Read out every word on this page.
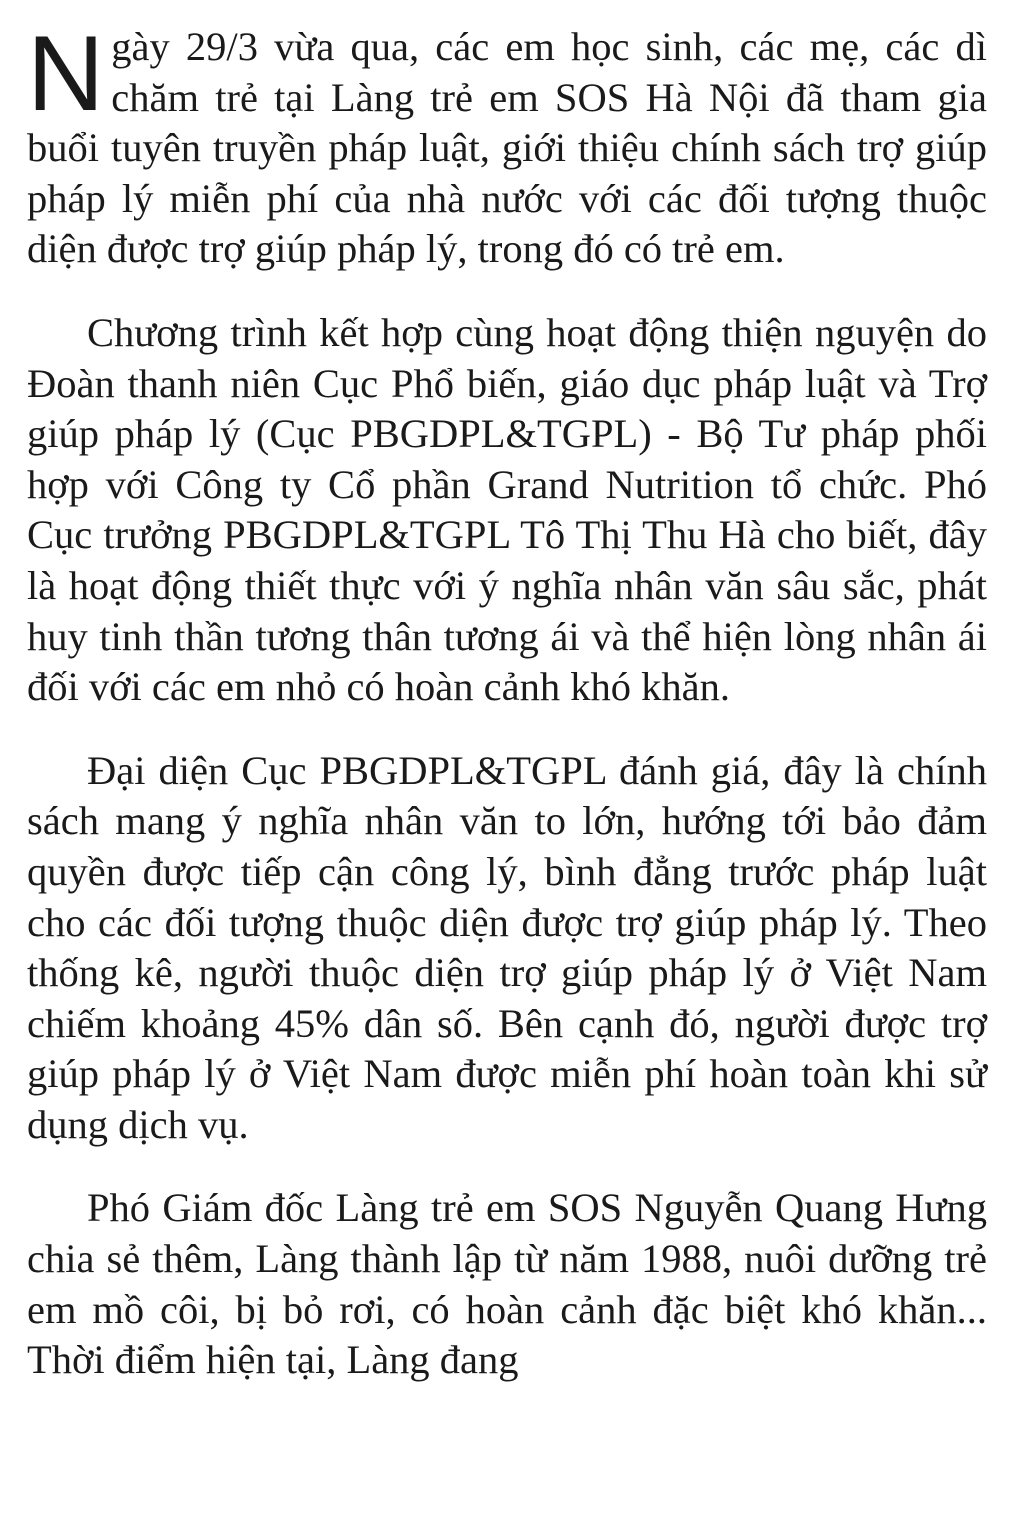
Ngày 29/3 vừa qua, các em học sinh, các mẹ, các dì chăm trẻ tại Làng trẻ em SOS Hà Nội đã tham gia buổi tuyên truyền pháp luật, giới thiệu chính sách trợ giúp pháp lý miễn phí của nhà nước với các đối tượng thuộc diện được trợ giúp pháp lý, trong đó có trẻ em.

Chương trình kết hợp cùng hoạt động thiện nguyện do Đoàn thanh niên Cục Phổ biến, giáo dục pháp luật và Trợ giúp pháp lý (Cục PBGDPL&TGPL) - Bộ Tư pháp phối hợp với Công ty Cổ phần Grand Nutrition tổ chức. Phó Cục trưởng PBGDPL&TGPL Tô Thị Thu Hà cho biết, đây là hoạt động thiết thực với ý nghĩa nhân văn sâu sắc, phát huy tinh thần tương thân tương ái và thể hiện lòng nhân ái đối với các em nhỏ có hoàn cảnh khó khăn.

Đại diện Cục PBGDPL&TGPL đánh giá, đây là chính sách mang ý nghĩa nhân văn to lớn, hướng tới bảo đảm quyền được tiếp cận công lý, bình đẳng trước pháp luật cho các đối tượng thuộc diện được trợ giúp pháp lý. Theo thống kê, người thuộc diện trợ giúp pháp lý ở Việt Nam chiếm khoảng 45% dân số. Bên cạnh đó, người được trợ giúp pháp lý ở Việt Nam được miễn phí hoàn toàn khi sử dụng dịch vụ.

Phó Giám đốc Làng trẻ em SOS Nguyễn Quang Hưng chia sẻ thêm, Làng thành lập từ năm 1988, nuôi dưỡng trẻ em mồ côi, bị bỏ rơi, có hoàn cảnh đặc biệt khó khăn... Thời điểm hiện tại, Làng đang
